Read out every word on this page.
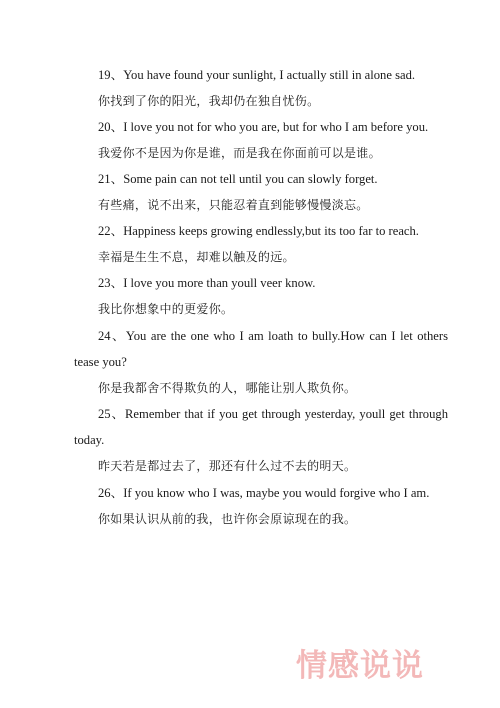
19、You have found your sunlight, I actually still in alone sad.
你找到了你的阳光，我却仍在独自忧伤。
20、I love you not for who you are, but for who I am before you.
我爱你不是因为你是谁，而是我在你面前可以是谁。
21、Some pain can not tell until you can slowly forget.
有些痛，说不出来，只能忍着直到能够慢慢淡忘。
22、Happiness keeps growing endlessly,but its too far to reach.
幸福是生生不息，却难以触及的远。
23、I love you more than youll veer know.
我比你想象中的更爱你。
24、You are the one who I am loath to bully.How can I let others
tease you?
你是我都舍不得欺负的人，哪能让别人欺负你。
25、Remember that if you get through yesterday, youll get through
today.
昨天若是都过去了，那还有什么过不去的明天。
26、If you know who I was, maybe you would forgive who I am.
你如果认识从前的我，也许你会原谅现在的我。
情感说说
